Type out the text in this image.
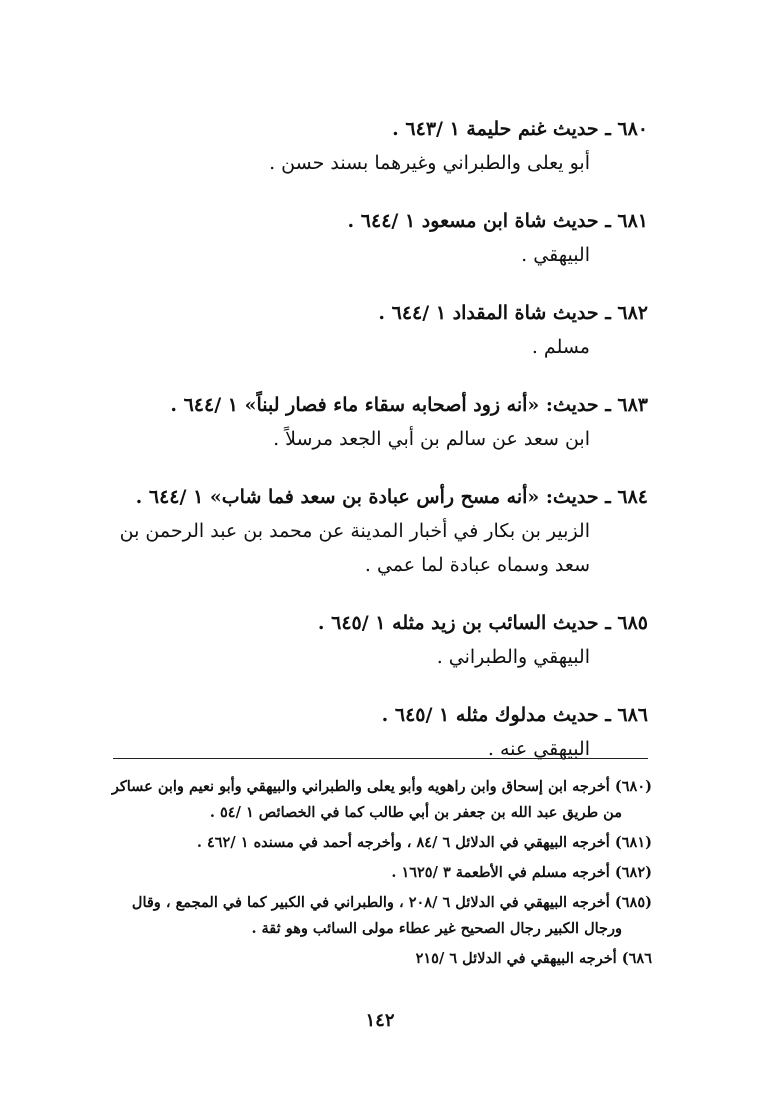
٦٨٠ ـ حديث غنم حليمة ١ /٦٤٣ .
أبو يعلى والطبراني وغيرهما بسند حسن .
٦٨١ ـ حديث شاة ابن مسعود ١ /٦٤٤ .
البيهقي .
٦٨٢ ـ حديث شاة المقداد ١ /٦٤٤ .
مسلم .
٦٨٣ ـ حديث: «أنه زود أصحابه سقاء ماء فصار لبناً» ١ /٦٤٤ .
ابن سعد عن سالم بن أبي الجعد مرسلاً .
٦٨٤ ـ حديث: «أنه مسح رأس عبادة بن سعد فما شاب» ١ /٦٤٤ .
الزبير بن بكار في أخبار المدينة عن محمد بن عبد الرحمن بن سعد وسماه عبادة لما عمي .
٦٨٥ ـ حديث السائب بن زيد مثله ١ /٦٤٥ .
البيهقي والطبراني .
٦٨٦ ـ حديث مدلوك مثله ١ /٦٤٥ .
البيهقي عنه .
(٦٨٠) أخرجه ابن إسحاق وابن راهويه وأبو يعلى والطبراني والبيهقي وأبو نعيم وابن عساكر
من طريق عبد الله بن جعفر بن أبي طالب كما في الخصائص ١ /٥٤ .
(٦٨١) أخرجه البيهقي في الدلائل ٦ /٨٤ ، وأخرجه أحمد في مسنده ١ /٤٦٢ .
(٦٨٢) أخرجه مسلم في الأطعمة ٣ /١٦٢٥ .
(٦٨٥) أخرجه البيهقي في الدلائل ٦ /٢٠٨ ، والطبراني في الكبير كما في المجمع ، وقال
ورجال الكبير رجال الصحيح غير عطاء مولى السائب وهو ثقة .
٦٨٦) أخرجه البيهقي في الدلائل ٦ /٢١٥
١٤٢
